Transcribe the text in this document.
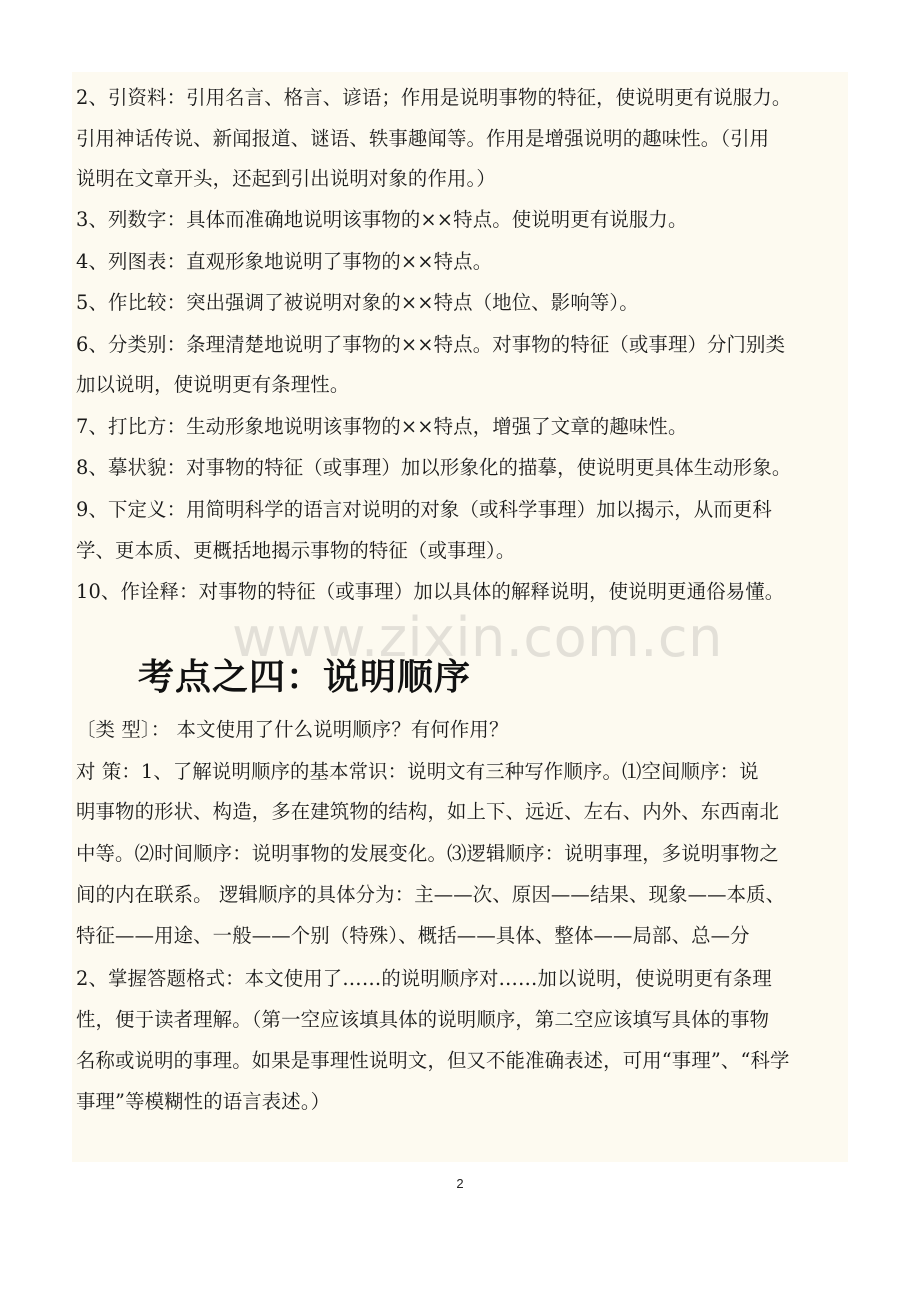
www.zixin.com.cn
2、引资料：引用名言、格言、谚语；作用是说明事物的特征，使说明更有说服力。
引用神话传说、新闻报道、谜语、轶事趣闻等。作用是增强说明的趣味性。（引用
说明在文章开头，还起到引出说明对象的作用。）
3、列数字：具体而准确地说明该事物的××特点。使说明更有说服力。
4、列图表：直观形象地说明了事物的××特点。
5、作比较：突出强调了被说明对象的××特点（地位、影响等）。
6、分类别：条理清楚地说明了事物的××特点。对事物的特征（或事理）分门别类
加以说明，使说明更有条理性。
7、打比方：生动形象地说明该事物的××特点，增强了文章的趣味性。
8、摹状貌：对事物的特征（或事理）加以形象化的描摹，使说明更具体生动形象。
9、下定义：用简明科学的语言对说明的对象（或科学事理）加以揭示，从而更科
学、更本质、更概括地揭示事物的特征（或事理）。
10、作诠释：对事物的特征（或事理）加以具体的解释说明，使说明更通俗易懂。
考点之四：说明顺序
〔类 型〕： 本文使用了什么说明顺序？有何作用？
对 策：1、了解说明顺序的基本常识：说明文有三种写作顺序。⑴空间顺序：说
明事物的形状、构造，多在建筑物的结构，如上下、远近、左右、内外、东西南北
中等。⑵时间顺序：说明事物的发展变化。⑶逻辑顺序：说明事理，多说明事物之
间的内在联系。 逻辑顺序的具体分为：主——次、原因——结果、现象——本质、
特征——用途、一般——个别（特殊）、概括——具体、整体——局部、总—分
2、掌握答题格式：本文使用了……的说明顺序对……加以说明，使说明更有条理
性，便于读者理解。（第一空应该填具体的说明顺序，第二空应该填写具体的事物
名称或说明的事理。如果是事理性说明文，但又不能准确表述，可用“事理”、“科学
事理”等模糊性的语言表述。）
2
